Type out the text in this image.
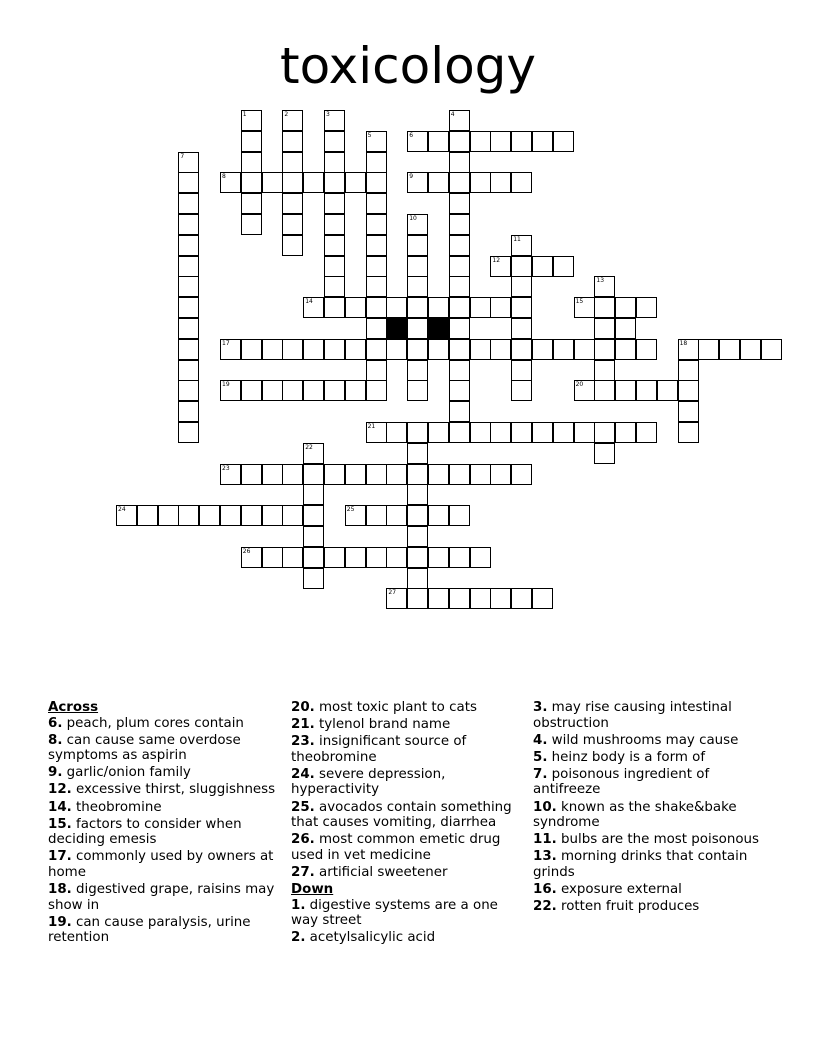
toxicology
1	2	3	4
5	6
7
8	9
10
11
12
13
14	15
17	18
19	20
21
22
23
24	25
26
27
Across
6. peach, plum cores contain
8. can cause same overdose symptoms as aspirin
9. garlic/onion family
12. excessive thirst, sluggishness
14. theobromine
15. factors to consider when deciding emesis
17. commonly used by owners at home
18. digestived grape, raisins may show in
19. can cause paralysis, urine retention
20. most toxic plant to cats
21. tylenol brand name
23. insignificant source of theobromine
24. severe depression, hyperactivity
25. avocados contain something that causes vomiting, diarrhea
26. most common emetic drug used in vet medicine
27. artificial sweetener
Down
1. digestive systems are a one way street
2. acetylsalicylic acid
3. may rise causing intestinal obstruction
4. wild mushrooms may cause
5. heinz body is a form of
7. poisonous ingredient of antifreeze
10. known as the shake&bake syndrome
11. bulbs are the most poisonous
13. morning drinks that contain grinds
16. exposure external
22. rotten fruit produces
